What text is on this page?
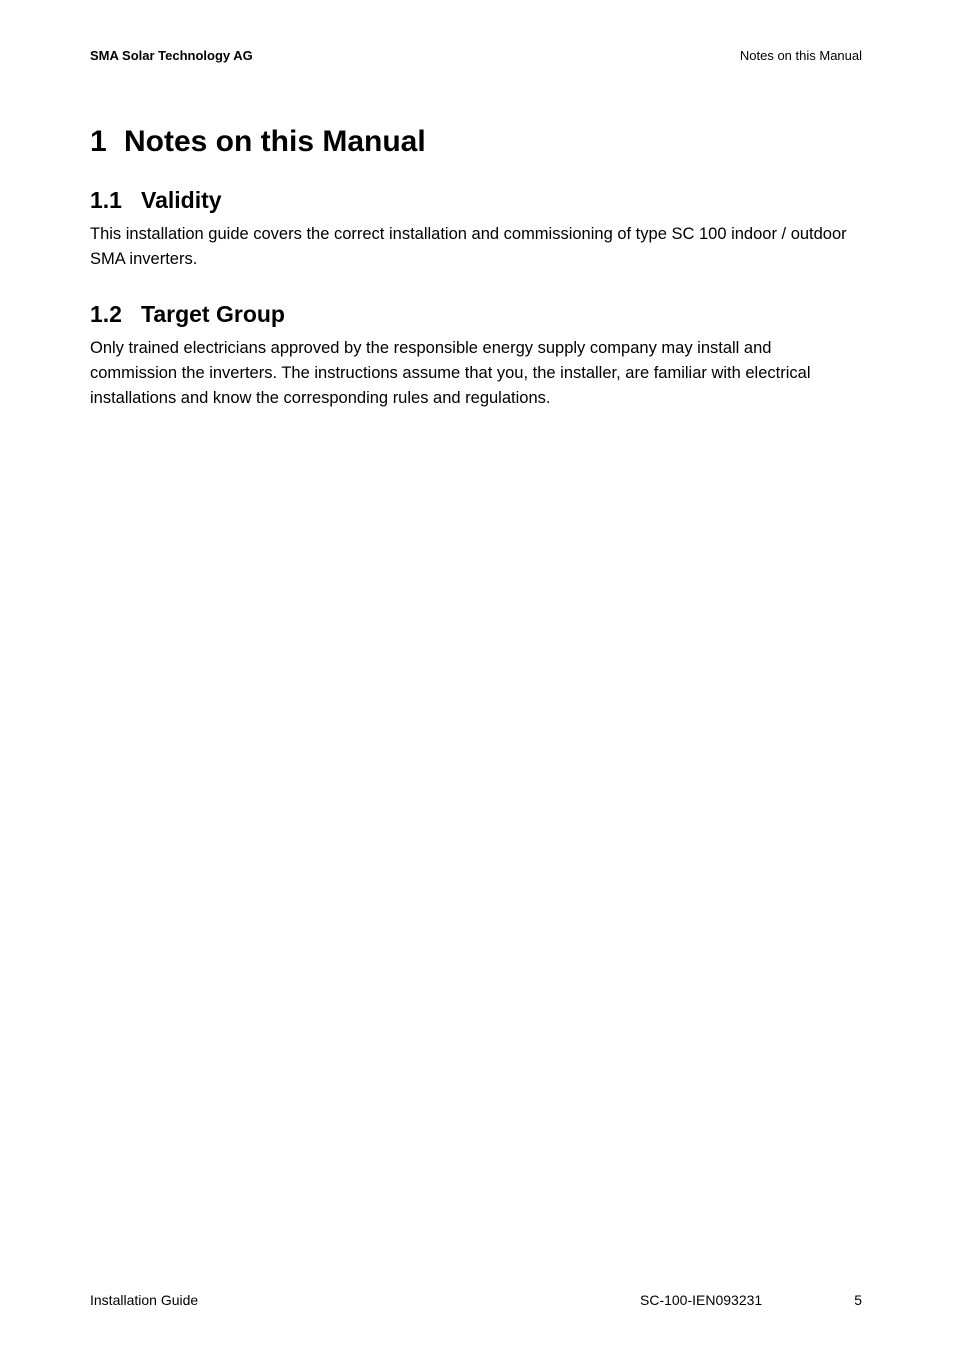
SMA Solar Technology AG	Notes on this Manual
1 Notes on this Manual
1.1 Validity

This installation guide covers the correct installation and commissioning of type SC 100 indoor / outdoor SMA inverters.

1.2 Target Group

Only trained electricians approved by the responsible energy supply company may install and commission the inverters. The instructions assume that you, the installer, are familiar with electrical installations and know the corresponding rules and regulations.

Installation Guide	SC-100-IEN093231	5
